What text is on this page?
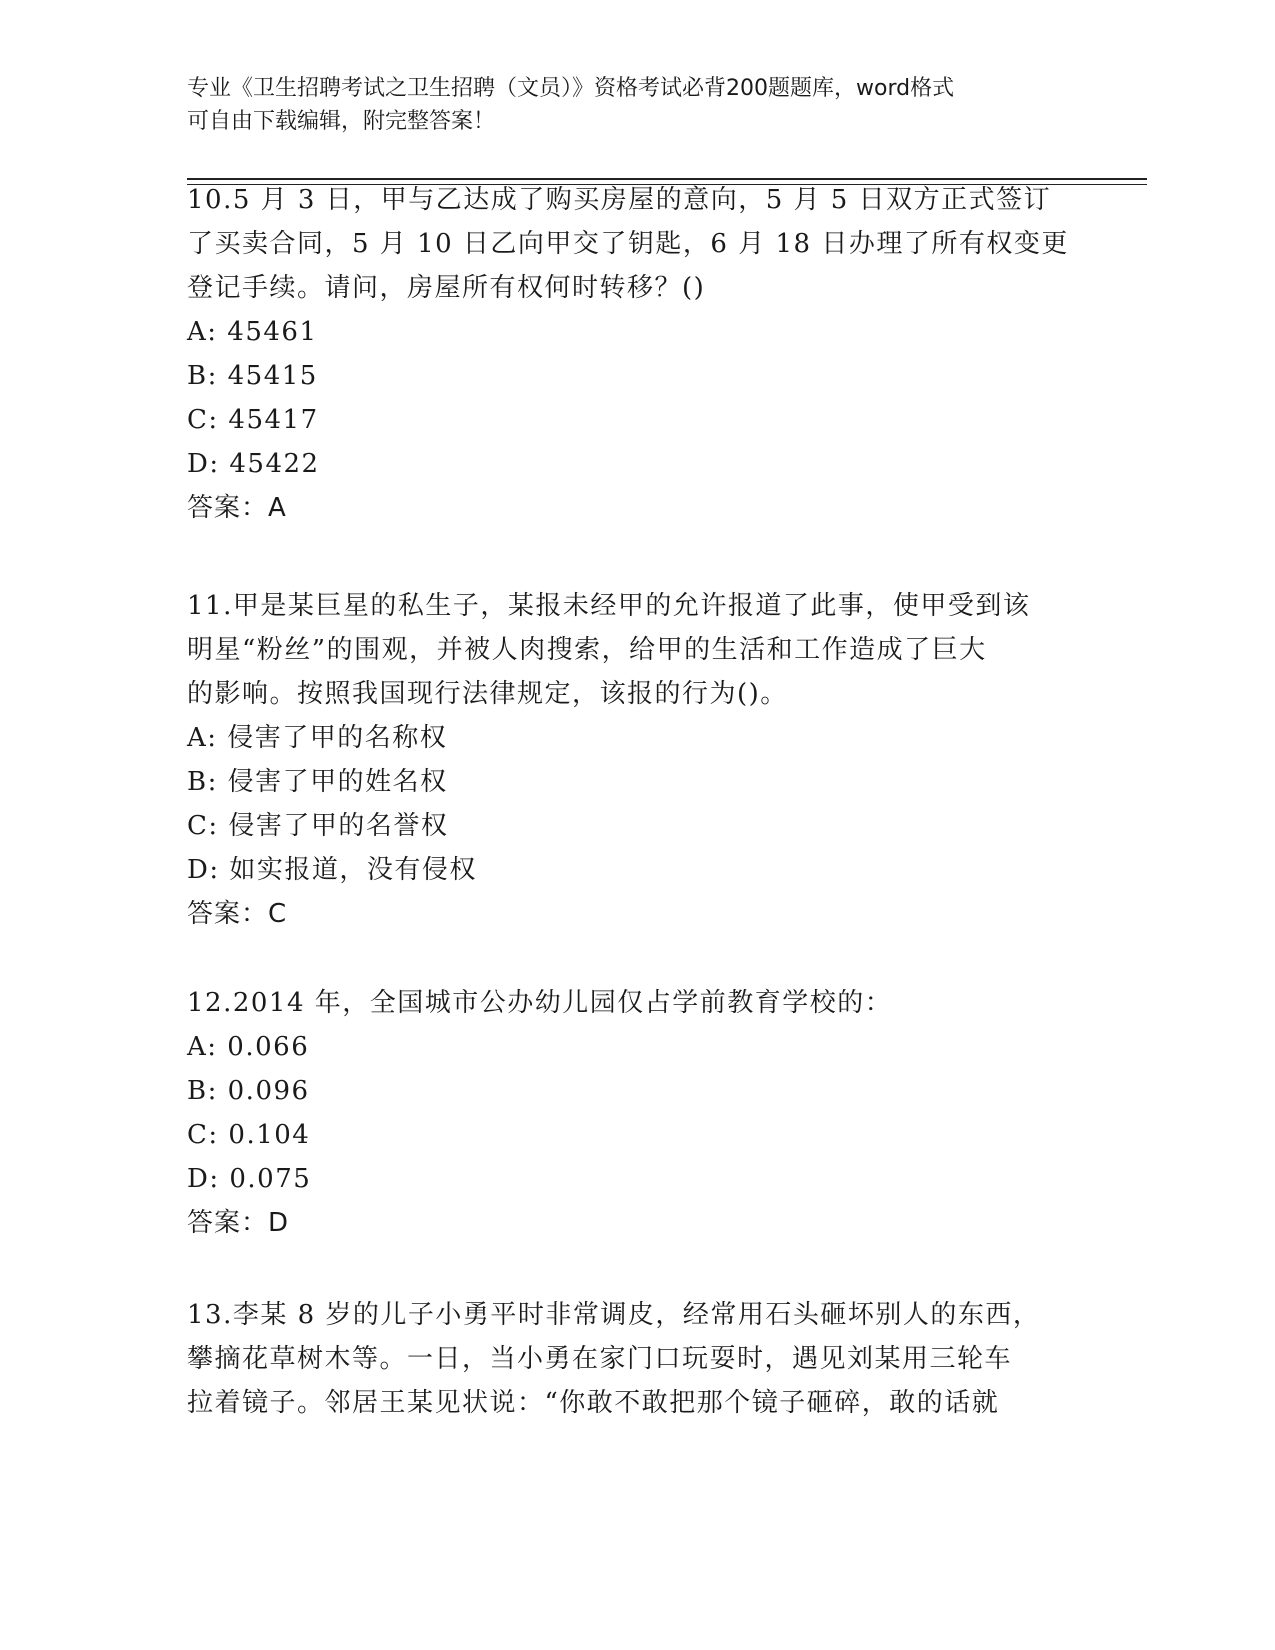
专业《卫生招聘考试之卫生招聘（文员）》资格考试必背200题题库，word格式
可自由下载编辑，附完整答案！
10.5 月 3 日，甲与乙达成了购买房屋的意向，5 月 5 日双方正式签订
了买卖合同，5 月 10 日乙向甲交了钥匙，6 月 18 日办理了所有权变更
登记手续。请问，房屋所有权何时转移？()
A: 45461
B: 45415
C: 45417
D: 45422
答案：A
11.甲是某巨星的私生子，某报未经甲的允许报道了此事，使甲受到该
明星“粉丝”的围观，并被人肉搜索，给甲的生活和工作造成了巨大
的影响。按照我国现行法律规定，该报的行为()。
A: 侵害了甲的名称权
B: 侵害了甲的姓名权
C: 侵害了甲的名誉权
D: 如实报道，没有侵权
答案：C
12.2014 年，全国城市公办幼儿园仅占学前教育学校的：
A: 0.066
B: 0.096
C: 0.104
D: 0.075
答案：D
13.李某 8 岁的儿子小勇平时非常调皮，经常用石头砸坏别人的东西，
攀摘花草树木等。一日，当小勇在家门口玩耍时，遇见刘某用三轮车
拉着镜子。邻居王某见状说：“你敢不敢把那个镜子砸碎，敢的话就
